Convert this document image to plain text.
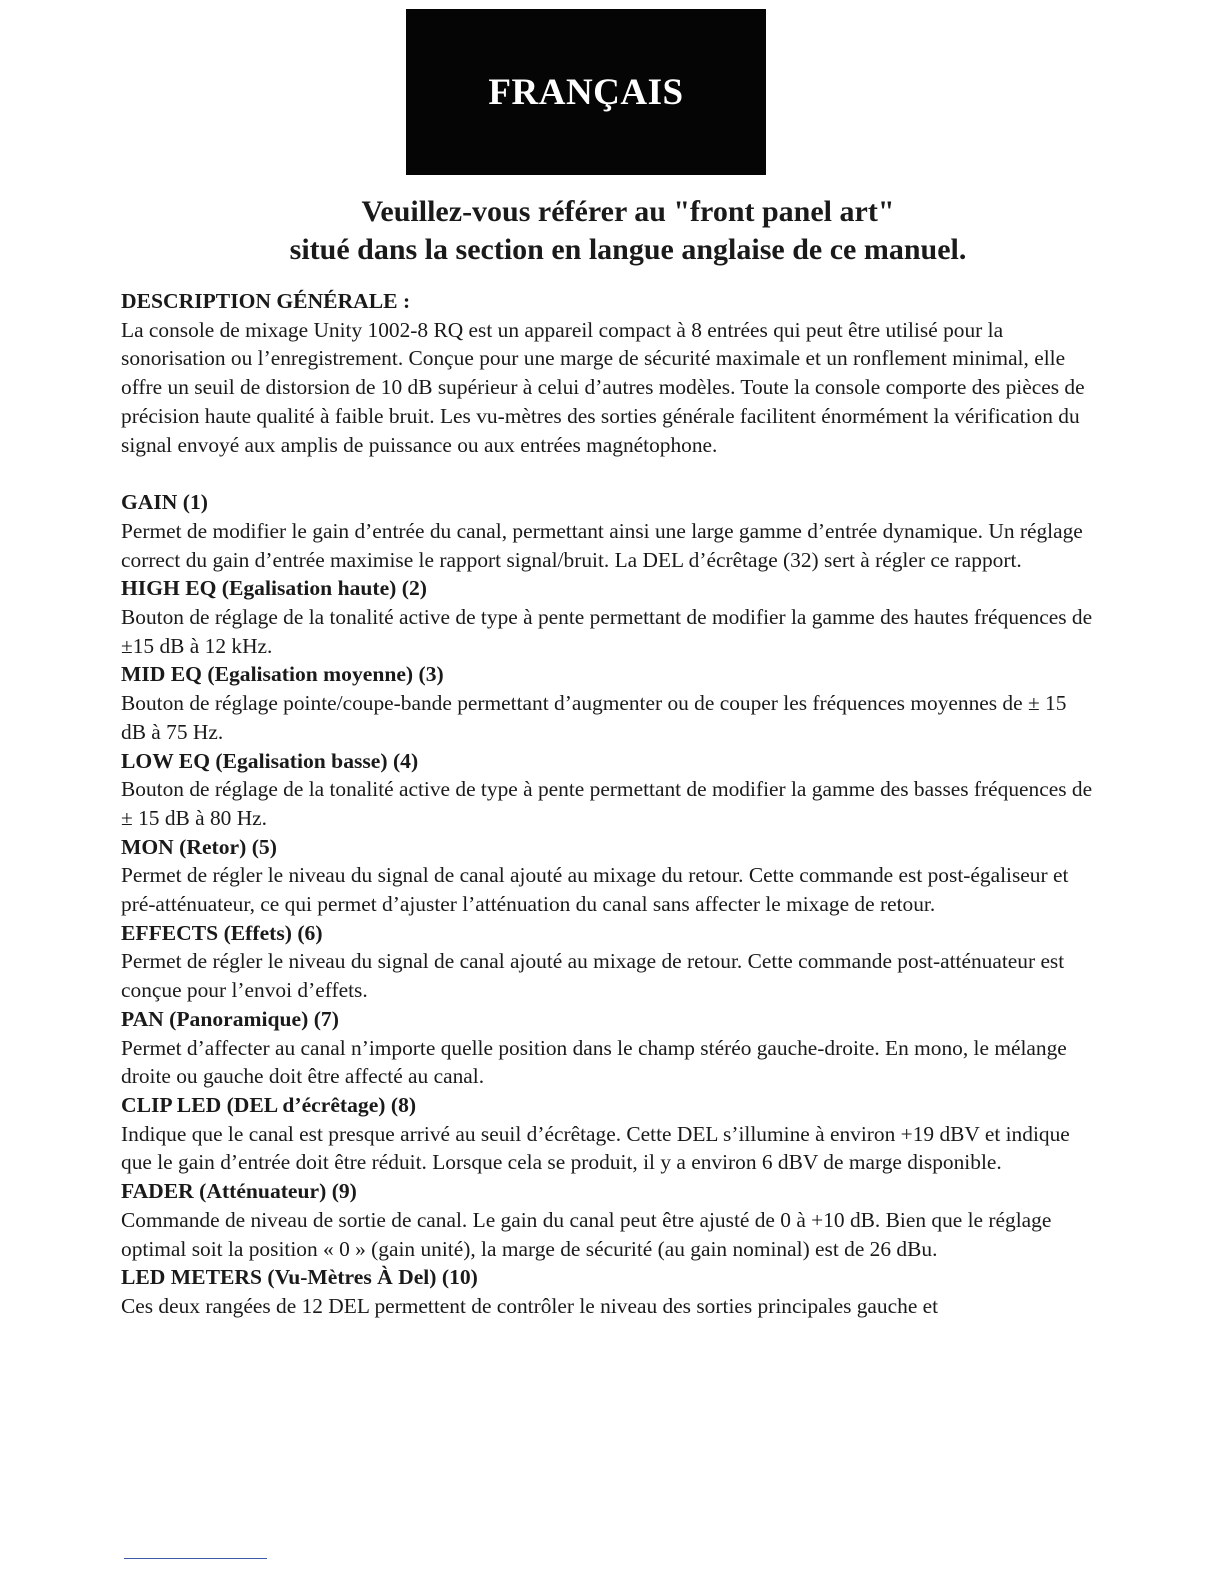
FRANÇAIS
Veuillez-vous référer au "front panel art"
situé dans la section en langue anglaise de ce manuel.
DESCRIPTION GÉNÉRALE :

La console de mixage Unity 1002-8 RQ est un appareil compact à 8 entrées qui peut être utilisé pour la sonorisation ou l’enregistrement. Conçue pour une marge de sécurité maximale et un ronflement minimal, elle offre un seuil de distorsion de 10 dB supérieur à celui d’autres modèles. Toute la console comporte des pièces de précision haute qualité à faible bruit. Les vu-mètres des sorties générale facilitent énormément la vérification du signal envoyé aux amplis de puissance ou aux entrées magnétophone.

GAIN (1)

Permet de modifier le gain d’entrée du canal, permettant ainsi une large gamme d’entrée dynamique. Un réglage correct du gain d’entrée maximise le rapport signal/bruit. La DEL d’écrêtage (32) sert à régler ce rapport.

HIGH EQ (Egalisation haute) (2)

Bouton de réglage de la tonalité active de type à pente permettant de modifier la gamme des hautes fréquences de ±15 dB à 12 kHz.

MID EQ (Egalisation moyenne) (3)

Bouton de réglage pointe/coupe-bande permettant d’augmenter ou de couper les fréquences moyennes de ± 15 dB à 75 Hz.

LOW EQ (Egalisation basse) (4)

Bouton de réglage de la tonalité active de type à pente permettant de modifier la gamme des basses fréquences de ± 15 dB à 80 Hz.

MON (Retor) (5)

Permet de régler le niveau du signal de canal ajouté au mixage du retour. Cette commande est post-égaliseur et pré-atténuateur, ce qui permet d’ajuster l’atténuation du canal sans affecter le mixage de retour.

EFFECTS (Effets) (6)

Permet de régler le niveau du signal de canal ajouté au mixage de retour. Cette commande post-atténuateur est conçue pour l’envoi d’effets.

PAN (Panoramique) (7)

Permet d’affecter au canal n’importe quelle position dans le champ stéréo gauche-droite. En mono, le mélange droite ou gauche doit être affecté au canal.

CLIP LED (DEL d’écrêtage) (8)

Indique que le canal est presque arrivé au seuil d’écrêtage. Cette DEL s’illumine à environ +19 dBV et indique que le gain d’entrée doit être réduit. Lorsque cela se produit, il y a environ 6 dBV de marge disponible.

FADER (Atténuateur) (9)

Commande de niveau de sortie de canal. Le gain du canal peut être ajusté de 0 à +10 dB. Bien que le réglage optimal soit la position « 0 » (gain unité), la marge de sécurité (au gain nominal) est de 26 dBu.

LED METERS (Vu-Mètres À Del) (10)

Ces deux rangées de 12 DEL permettent de contrôler le niveau des sorties principales gauche et
